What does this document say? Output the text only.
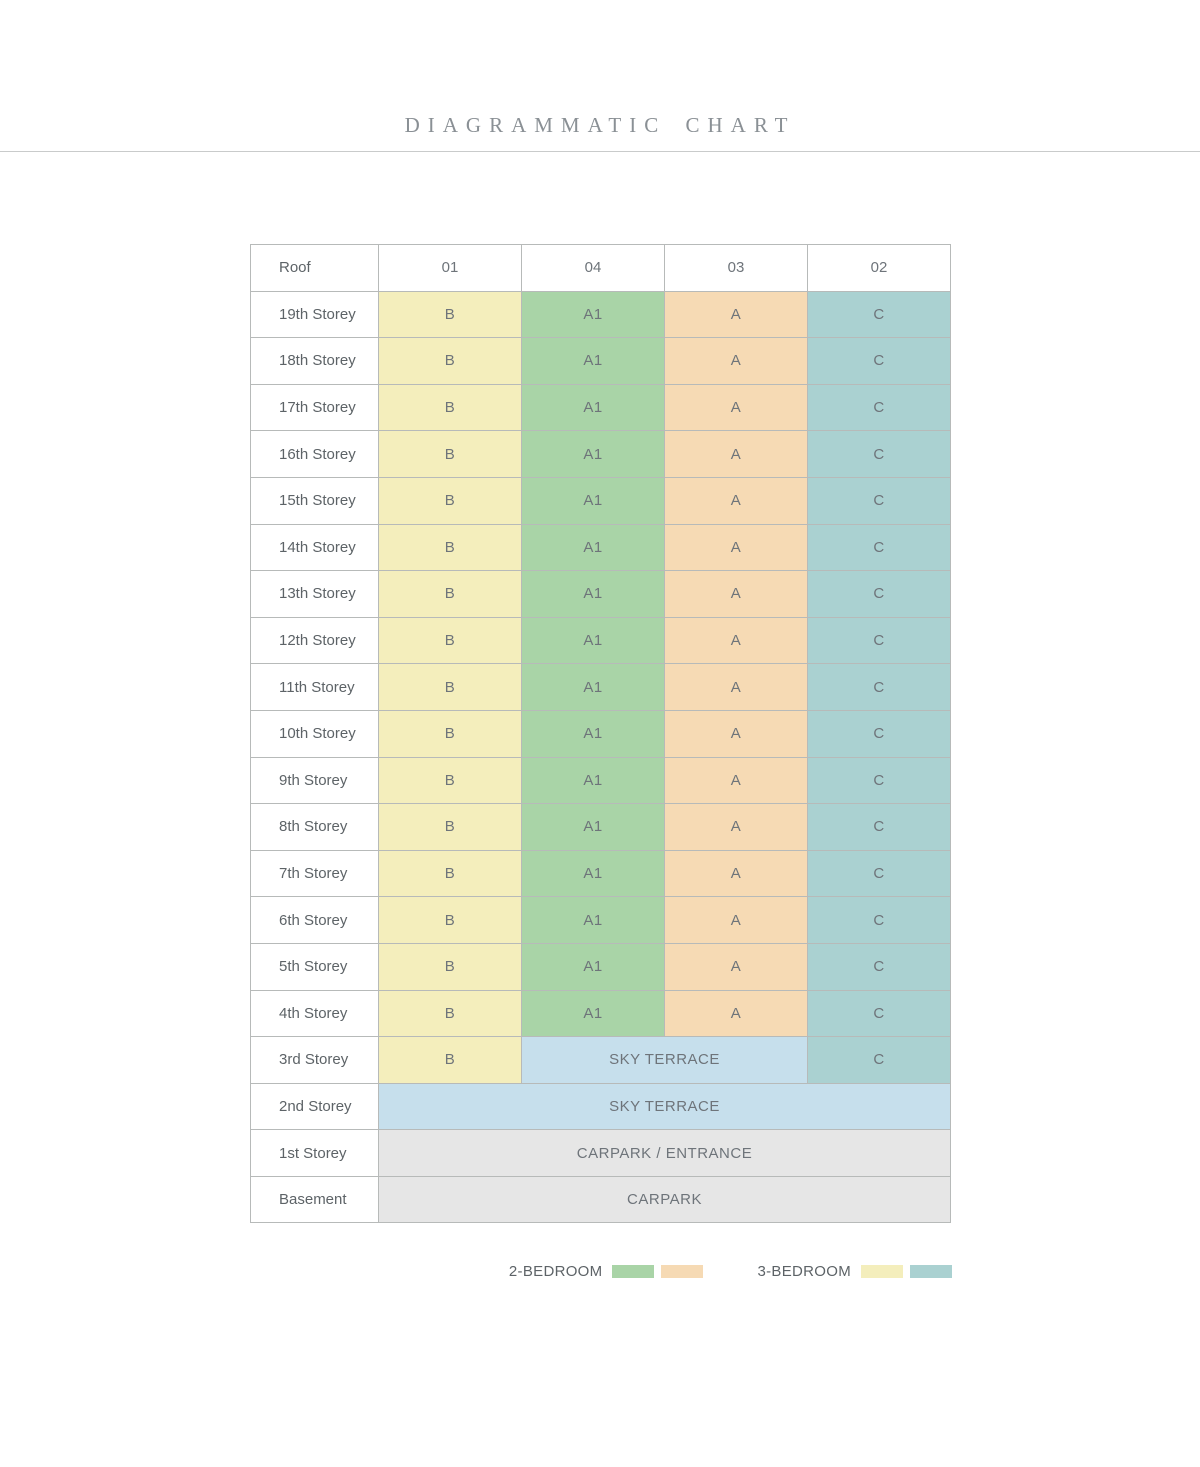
DIAGRAMMATIC CHART
Roof	01	04	03	02
19th Storey	B	A1	A	C
18th Storey	B	A1	A	C
17th Storey	B	A1	A	C
16th Storey	B	A1	A	C
15th Storey	B	A1	A	C
14th Storey	B	A1	A	C
13th Storey	B	A1	A	C
12th Storey	B	A1	A	C
11th Storey	B	A1	A	C
10th Storey	B	A1	A	C
9th Storey	B	A1	A	C
8th Storey	B	A1	A	C
7th Storey	B	A1	A	C
6th Storey	B	A1	A	C
5th Storey	B	A1	A	C
4th Storey	B	A1	A	C
3rd Storey	B	SKY TERRACE		C
2nd Storey	SKY TERRACE			
1st Storey	CARPARK / ENTRANCE			
Basement	CARPARK			
2-BEDROOM	3-BEDROOM
